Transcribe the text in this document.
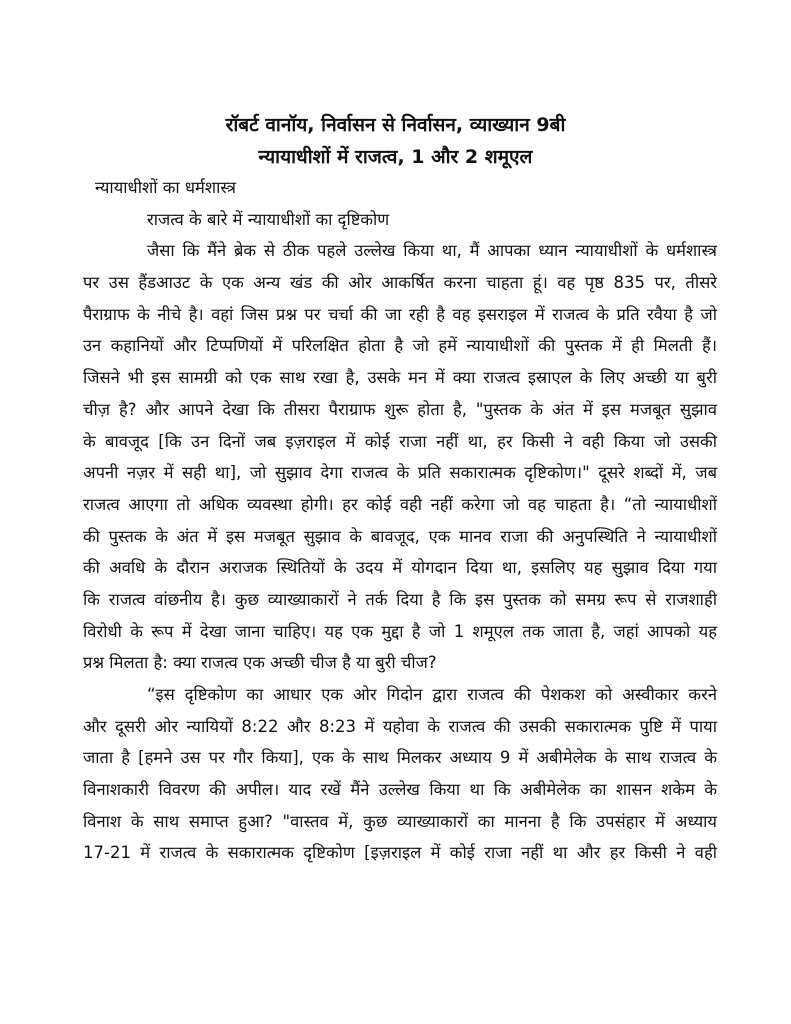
रॉबर्ट वानॉय, निर्वासन से निर्वासन, व्याख्यान 9बी
न्यायाधीशों में राजत्व, 1 और 2 शमूएल
न्यायाधीशों का धर्मशास्त्र
राजत्व के बारे में न्यायाधीशों का दृष्टिकोण
जैसा कि मैंने ब्रेक से ठीक पहले उल्लेख किया था, मैं आपका ध्यान न्यायाधीशों के धर्मशास्त्र
पर उस हैंडआउट के एक अन्य खंड की ओर आकर्षित करना चाहता हूं। वह पृष्ठ 835 पर, तीसरे
पैराग्राफ के नीचे है। वहां जिस प्रश्न पर चर्चा की जा रही है वह इसराइल में राजत्व के प्रति रवैया है जो
उन कहानियों और टिप्पणियों में परिलक्षित होता है जो हमें न्यायाधीशों की पुस्तक में ही मिलती हैं।
जिसने भी इस सामग्री को एक साथ रखा है, उसके मन में क्या राजत्व इस्राएल के लिए अच्छी या बुरी
चीज़ है? और आपने देखा कि तीसरा पैराग्राफ शुरू होता है, "पुस्तक के अंत में इस मजबूत सुझाव
के बावजूद [कि उन दिनों जब इज़राइल में कोई राजा नहीं था, हर किसी ने वही किया जो उसकी
अपनी नज़र में सही था], जो सुझाव देगा राजत्व के प्रति सकारात्मक दृष्टिकोण।" दूसरे शब्दों में, जब
राजत्व आएगा तो अधिक व्यवस्था होगी। हर कोई वही नहीं करेगा जो वह चाहता है। “तो न्यायाधीशों
की पुस्तक के अंत में इस मजबूत सुझाव के बावजूद, एक मानव राजा की अनुपस्थिति ने न्यायाधीशों
की अवधि के दौरान अराजक स्थितियों के उदय में योगदान दिया था, इसलिए यह सुझाव दिया गया
कि राजत्व वांछनीय है। कुछ व्याख्याकारों ने तर्क दिया है कि इस पुस्तक को समग्र रूप से राजशाही
विरोधी के रूप में देखा जाना चाहिए। यह एक मुद्दा है जो 1 शमूएल तक जाता है, जहां आपको यह
प्रश्न मिलता है: क्या राजत्व एक अच्छी चीज है या बुरी चीज?
“इस दृष्टिकोण का आधार एक ओर गिदोन द्वारा राजत्व की पेशकश को अस्वीकार करने
और दूसरी ओर न्यायियों 8:22 और 8:23 में यहोवा के राजत्व की उसकी सकारात्मक पुष्टि में पाया
जाता है [हमने उस पर गौर किया], एक के साथ मिलकर अध्याय 9 में अबीमेलेक के साथ राजत्व के
विनाशकारी विवरण की अपील। याद रखें मैंने उल्लेख किया था कि अबीमेलेक का शासन शकेम के
विनाश के साथ समाप्त हुआ? "वास्तव में, कुछ व्याख्याकारों का मानना है कि उपसंहार में अध्याय
17-21 में राजत्व के सकारात्मक दृष्टिकोण [इज़राइल में कोई राजा नहीं था और हर किसी ने वही
